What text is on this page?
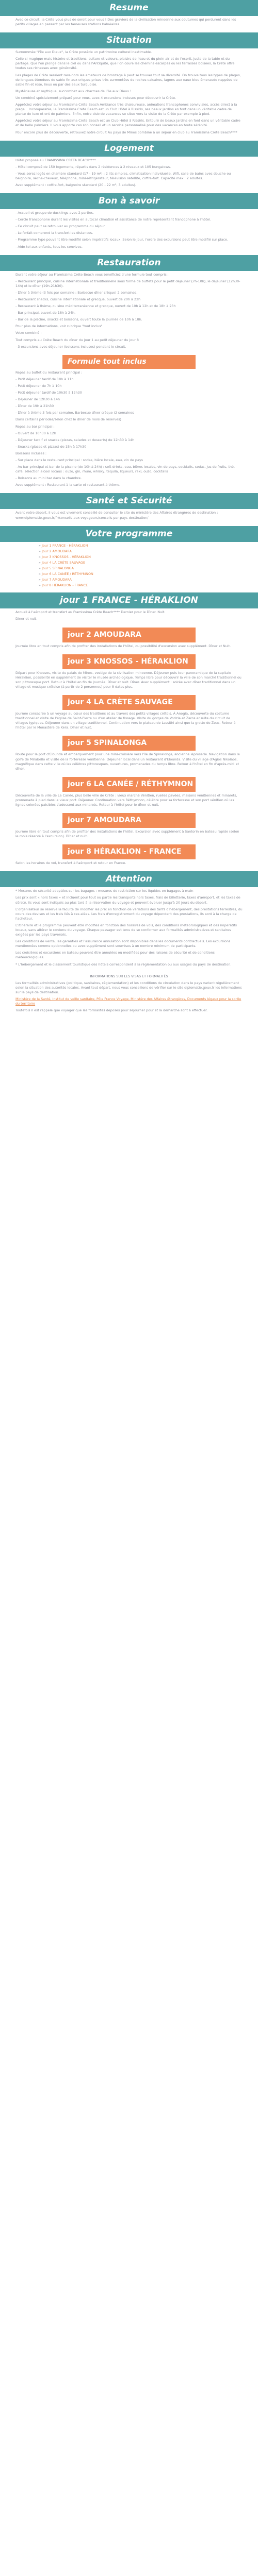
Resume

Avec ce circuit, la Crète vous plus de seroit pour vous ! Des graviers de la civilisation minoenne aux coutumes qui perdurent dans les petits villages en passant par les fameuses stations balnéaires.

Situation

Surnommée "l'île aux Dieux", la Crète possède un patrimoine culturel inestimable.

Celle-ci magique mais histoire et traditions, culture et valeurs, plaisirs de l'eau et du plein air et de l'esprit, juste de la table et du partage. Que l'on plonge dans le ciel ou dans l'Antiquité, que l'on coure les chemins escarpés ou les terrasses boisées, la Crète offre toutes ses richesses avec générosité.

Les plages de Crète seraient rare-hors les amateurs de bronzage à peut se trouver tout sa diversité. On trouve tous les types de plages, de longues étendues de sable fin aux criques prises très surmontées de roches calcaires, lagons aux eaux bleu émeraude nappées de sable fin et rose, lieux ou par des eaux turquoise.

Mystérieuse et mythique, succombez aux charmes de l'île aux Dieux !

Un combiné spécialement préparé pour vous, avec 4 excursions incluses pour découvrir la Crète.

Appréciez votre séjour au Framissima Crète Beach Ambiance très chaleureuse, animations francophones conviviales, accès direct à la plage... Incomparable, le Framissima Crete Beach est un Club Hôtel à Rissiris, ses beaux jardins en font dans un véritable cadre de plante de luxe et ont de palmiers. Enfin, notre club de vacances se situe vers la visite de la Crète par exemple à pied.

Appréciez votre séjour au Framissima Crete Beach est un Club Hôtel à Rissiris. Entouré de beaux jardins en font dans un véritable cadre et de belle palmiers. Il vous apporte ces son conseil et un service personnalisé pour des vacances en toute sérénité.

Pour encore plus de découverte, retrouvez notre circuit Au pays de Minos combiné à un séjour en club au Framissima Crète Beach****

Logement

Hôtel proposé au FRAMISSIMA CRETA BEACH****

- Hôtel composé de 150 logements, répartis dans 2 résidences à 2 niveaux et 105 bungalows.

- Vous serez logés en chambre standard (17 - 19 m²) : 2 lits simples, climatisation individuelle, Wifi, salle de bains avec douche ou baignoire, sèche-cheveux, téléphone, mini-réfrigérateur, télévision satellite, coffre-fort. Capacité max : 2 adultes.

Avec supplément : coffre-fort, baignoire standard (20 - 22 m², 3 adultes).

Bon à savoir

- Accueil et groupe de ducklings avec 2 parties.

- Cercle francophone durant les visites en autocar climatisé et assistance de notre représentant francophone à l'hôtel.

- Ce circuit peut se retrouver au programme du séjour.

- Le forfait comprend la transfert les distances.

- Programme type pouvant être modifié selon impératifs locaux. Selon le jour, l'ordre des excursions peut être modifié sur place.

- Aide-toi aux enfants, tous les convives.

Restauration

Durant votre séjour au Framissima Crète Beach vous bénéficiez d'une formule tout compris :

- Restaurant principal, cuisine internationale et traditionnelle sous forme de buffets pour le petit déjeuner (7h-10h), le déjeuner (12h30-14h) et le dîner (19h-21h30).

- Dîner à thème (3 fois par semaine : Barbecue dîner crèque) 2 semaines.

- Restaurant snacks, cuisine internationale et grecque, ouvert de 20h à 22h

- Restaurant à thème, cuisine méditerranéenne et grecque, ouvert de 10h à 12h et de 18h à 23h

- Bar principal, ouvert de 18h à 24h.

- Bar de la piscine, snacks et boissons, ouvert toute la journée de 10h à 18h.

Pour plus de informations, voir rubrique "tout inclus"

Votre combiné :

Tout compris au Crète Beach du dîner du jour 1 au petit déjeuner du jour 8

- 3 excursions avec déjeuner (boissons incluses) pendant le circuit.

Formule tout inclus

Repas au buffet du restaurant principal :

- Petit déjeuner tardif de 10h à 11h

- Petit déjeuner de 7h à 10h

- Petit déjeuner tardif de 10h30 à 12h30

- Déjeuner de 12h30 à 14h

- Dîner de 19h à 21h30

- Dîner à thème 3 fois par semaine, Barbecue dîner crèque (2 semaines

Dans certains périodes/selon chez le dîner de mois de réserves)

Repas au bar principal :

- Ouvert de 10h30 à 12h

- Déjeuner tardif et snacks (pizzas, salades et desserts) de 12h30 à 14h

- Snacks (glaces et pizzas) de 15h à 17h30

Boissons incluses :

- Sur place dans le restaurant principal : sodas, bière locale, eau, vin de pays

- Au bar principal et bar de la piscine (de 10h à 24h) : soft drinks, eau, bières locales, vin de pays, cocktails, sodas, jus de fruits, thé, café, sélection alcool locaux : ouzo, gin, rhum, whisky, tequila, liqueurs, raki, ouzo, cocktails

- Boissons au mini bar dans la chambre.

Avec supplément : Restaurant à la carte et restaurant à thème.

Santé et Sécurité

Avant votre départ, il vous est vivement conseillé de consulter le site du ministère des Affaires étrangères de destination : www.diplomatie.gouv.fr/fr/conseils-aux-voyageurs/conseils-par-pays-destination/

Votre programme

» Jour 1 FRANCE - HÉRAKLION

» Jour 2 AMOUDARA

» Jour 3 KNOSSOS - HÉRAKLION

» Jour 4 LA CRÈTE SAUVAGE

» Jour 5 SPINALONGA

» Jour 6 LA CANÉE / RÉTHYMNON

» Jour 7 AMOUDARA

» Jour 8 HÉRAKLION - FRANCE

jour 1 FRANCE - HÉRAKLION

Accueil à l'aéroport et transfert au Framissima Crète Beach**** Dernier pour le Dîner. Nuit.

Diner et nuit.

jour 2 AMOUDARA

Journée libre en tout compris afin de profiter des installations de l'hôtel, ou possibilité d'excursion avec supplément. Dîner et Nuit.

jour 3 KNOSSOS - HÉRAKLION

Départ pour Knossos, visite du palais de Minos, vestige de la civilisation minoenne. Déjeuner puis tour panoramique de la capitale Héraklion, possibilité en supplément de visiter le musée archéologique. Temps libre pour découvrir la ville de son marché traditionnel ou son pittoresque port. Retour à l'hôtel en fin de journée. Dîner et nuit. Dîner. Avec supplément : soirée avec dîner traditionnel dans un village et musique crétoise (à partir de 2 personnes) pour 8 dates plus.

jour 4 LA CRÈTE SAUVAGE

Journée consacrée à un voyage au cœur des traditions et au travers des petits villages crétois. À Anogia, découverte du costume traditionnel et visite de l'église de Saint-Pierre ou d'un atelier de tissage. Visite du gorges de Vorizia et Zaros ensuite du circuit de villages typiques. Déjeuner dans un village traditionnel. Continuation vers le plateau de Lassithi ainsi que la grotte de Zeus. Retour à l'hôtel par le Monastère de Kera. Dîner et nuit.

jour 5 SPINALONGA

Route pour la port d'Elounda et embarquement pour une mini-croisière vers l'île de Spinalonga, ancienne léproserie. Navigation dans le golfe de Mirabello et visite de la forteresse vénitienne. Déjeuner local dans un restaurant d'Elounda. Visite du village d'Agios Nikolaos, magnifique dans cette ville où les célèbres pittoresques, ouvertures, promenades du temps libre. Retour à l'hôtel en fin d'après-midi et dîner.

jour 6 LA CANÉE / RÉTHYMNON

Découverte de la ville de La Canée, plus belle ville de Crète : vieux marché Vénitien, ruelles pavées, maisons vénitiennes et minarets, promenade à pied dans le vieux port. Déjeuner. Continuation vers Réthymnon, célèbre pour sa forteresse et son port vénitien où les lignes colorées paisibles s'adossent aux minarets. Retour à l'hôtel pour le dîner et nuit.

jour 7 AMOUDARA

Journée libre en tout compris afin de profiter des installations de l'hôtel. Excursion avec supplément à Santorin en bateau rapide (selon le mois réservé à l'excursion). Dîner et nuit.

jour 8 HÉRAKLION - FRANCE

Selon les horaires de vol, transfert à l'aéroport et retour en France.

Attention

* Mesures de sécurité adoptées sur les bagages : mesures de restriction sur les liquides en bagages à main

Les prix sont « hors taxes » et incluent pour tout ou partie les transports hors taxes, frais de billetterie, taxes d'aéroport, et les taxes de sûreté. Ils vous sont indiqués au plus tard à la réservation du voyage et peuvent évoluer jusqu'à 20 jours du départ.

L'organisateur se réserve la faculté de modifier les prix en fonction de variations des tarifs d'hébergement, des prestations terrestres, du cours des devises et les frais liés à ces aléas. Les frais d'enregistrement du voyage dépendent des prestations, ils sont à la charge de l'acheteur.

L'itinéraire et le programme peuvent être modifiés en fonction des horaires de vols, des conditions météorologiques et des impératifs locaux, sans altérer le contenu du voyage. Chaque passager est tenu de se conformer aux formalités administratives et sanitaires exigées par les pays traversés.

Les conditions de vente, les garanties et l'assurance annulation sont disponibles dans les documents contractuels. Les excursions mentionnées comme optionnelles ou avec supplément sont soumises à un nombre minimum de participants.

Les croisières et excursions en bateau peuvent être annulées ou modifiées pour des raisons de sécurité et de conditions météorologiques.

* L'hébergement et le classement touristique des hôtels correspondent à la règlementation ou aux usages du pays de destination.

INFORMATIONS SUR LES VISAS ET FORMALITÉS

Les formalités administratives (politique, sanitaires, réglementation) et les conditions de circulation dans le pays varient régulièrement selon la situation des autorités locales. Avant tout départ, nous vous conseillons de vérifier sur le site diplomatie.gouv.fr les informations sur le pays de destination.

Ministère de la Santé, Institut de veille sanitaire, Pôle France Voyage, Ministère des Affaires étrangères, Documents légaux pour la sortie du territoire

Toutefois il est rappelé que voyager que les formalités déposés pour séjourner pour et la démarche sont à effectuer.
